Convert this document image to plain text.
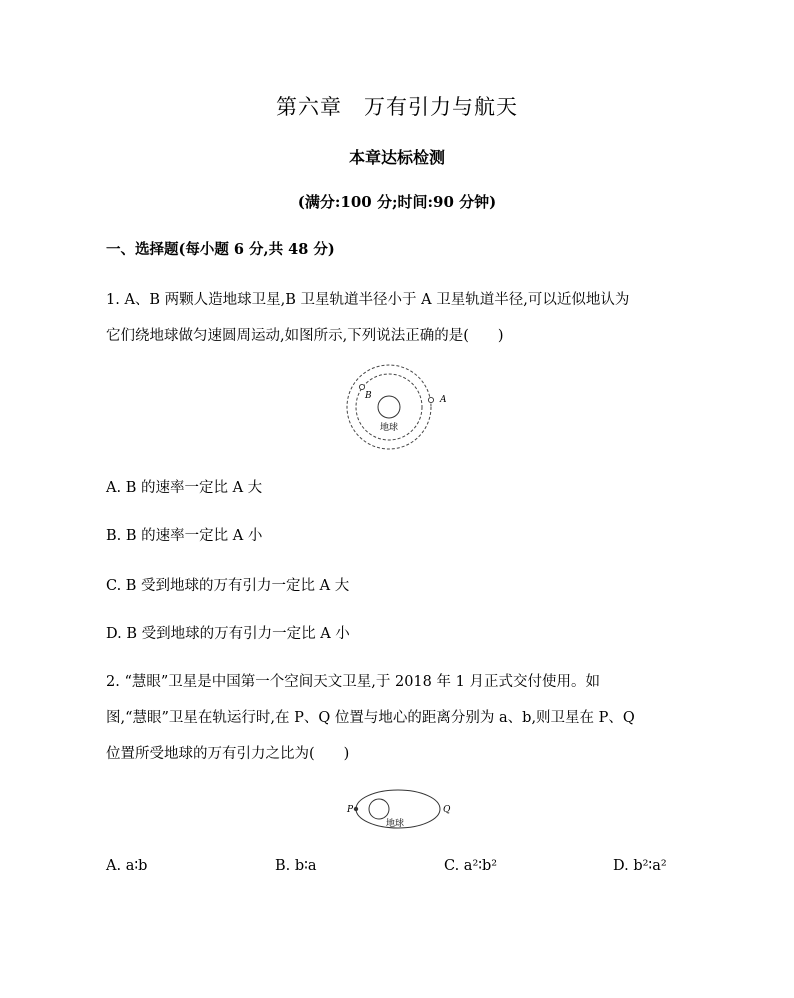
第六章　万有引力与航天
本章达标检测
(满分:100 分;时间:90 分钟)
一、选择题(每小题 6 分,共 48 分)
1. A、B 两颗人造地球卫星,B 卫星轨道半径小于 A 卫星轨道半径,可以近似地认为
它们绕地球做匀速圆周运动,如图所示,下列说法正确的是(　　)
B	A
地球
A. B 的速率一定比 A 大
B. B 的速率一定比 A 小
C. B 受到地球的万有引力一定比 A 大
D. B 受到地球的万有引力一定比 A 小
2. “慧眼”卫星是中国第一个空间天文卫星,于 2018 年 1 月正式交付使用。如
图,“慧眼”卫星在轨运行时,在 P、Q 位置与地心的距离分别为 a、b,则卫星在 P、Q
位置所受地球的万有引力之比为(　　)
P	Q
地球
A. a∶b	B. b∶a	C. a²∶b²	D. b²∶a²
